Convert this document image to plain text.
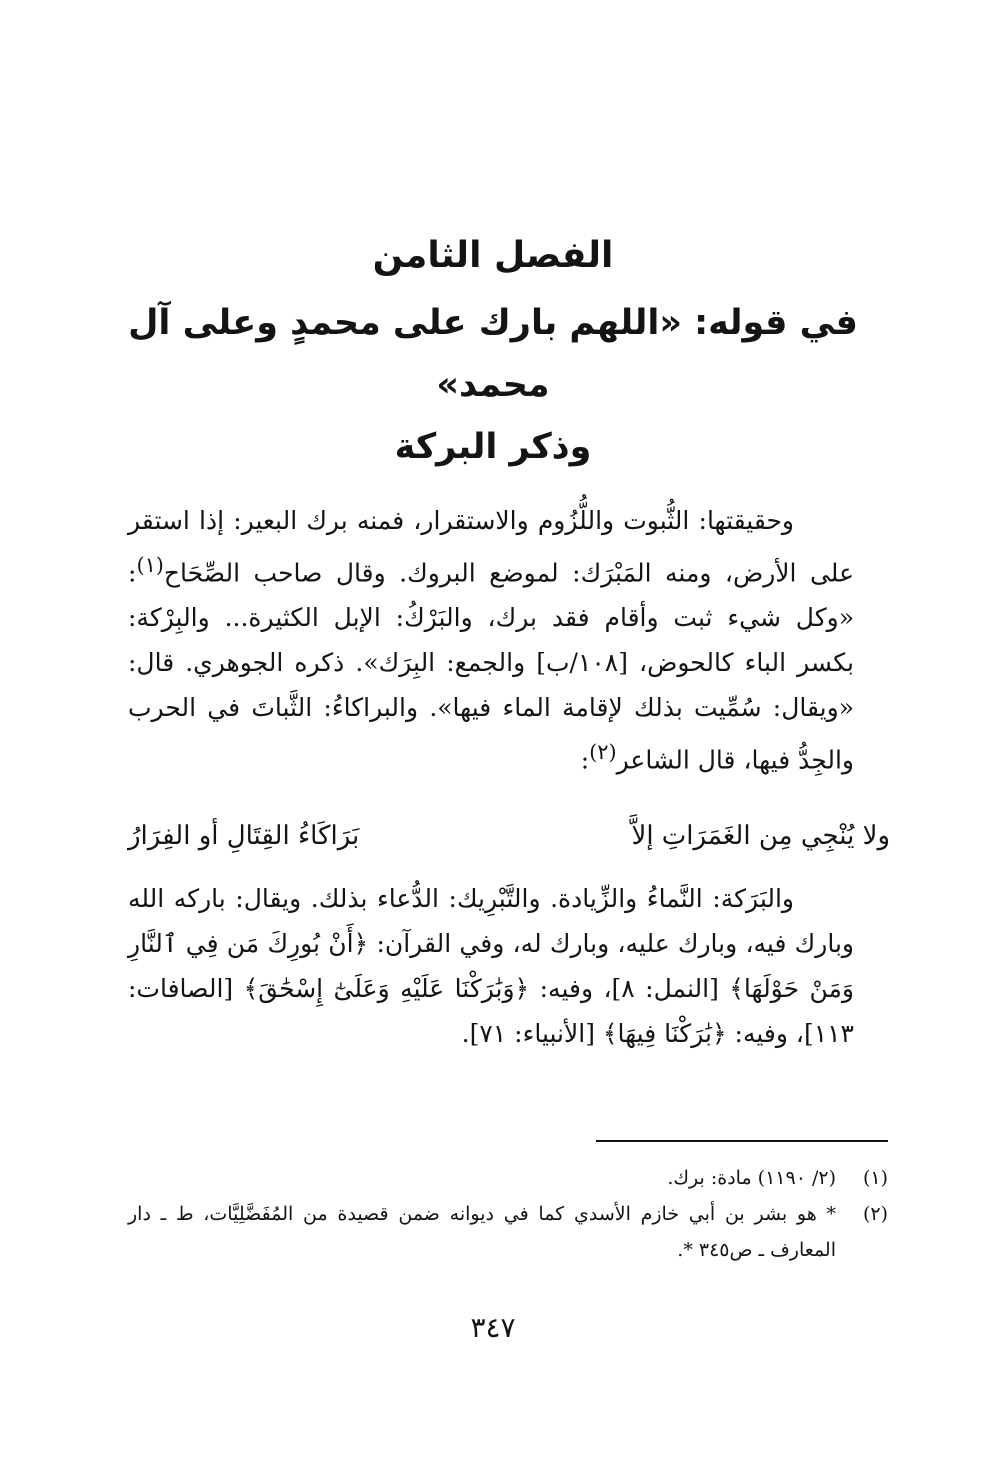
الفصل الثامن
في قوله: «اللهم بارك على محمدٍ وعلى آل محمد»
وذكر البركة

وحقيقتها: الثُّبوت واللُّزُوم والاستقرار، فمنه برك البعير: إذا استقر على الأرض، ومنه المَبْرَك: لموضع البروك. وقال صاحب الصِّحَاح$^{(١)}$: «وكل شيء ثبت وأقام فقد برك، والبَرْكُ: الإبل الكثيرة... والبِرْكة: بكسر الباء كالحوض، [١٠٨/ب] والجمع: البِرَك». ذكره الجوهري. قال: «ويقال: سُمِّيت بذلك لإقامة الماء فيها». والبراكاءُ: الثَّباتَ في الحرب والجِدُّ فيها، قال الشاعر$^{(٢)}$:

ولا يُنْجِي مِن الغَمَرَاتِ إلاَّ
بَرَاكَاءُ القِتَالِ أو الفِرَارُ

والبَرَكة: النَّماءُ والزِّيادة. والتَّبْرِيك: الدُّعاء بذلك. ويقال: باركه الله وبارك فيه، وبارك عليه، وبارك له، وفي القرآن: ﴿أَنْ بُورِكَ مَن فِي ٱلنَّارِ وَمَنْ حَوْلَهَا﴾ [النمل: ٨]، وفيه: ﴿وَبَٰرَكْنَا عَلَيْهِ وَعَلَىٰٓ إِسْحَٰقَ﴾ [الصافات: ١١٣]، وفيه: ﴿بَٰرَكْنَا فِيهَا﴾ [الأنبياء: ٧١].

(١)
(٢/ ١١٩٠) مادة: برك.
(٢)
* هو بشر بن أبي خازم الأسدي كما في ديوانه ضمن قصيدة من المُفَضَّلِيَّات، ط ـ دار المعارف ـ ص٣٤٥ *.
٣٤٧
